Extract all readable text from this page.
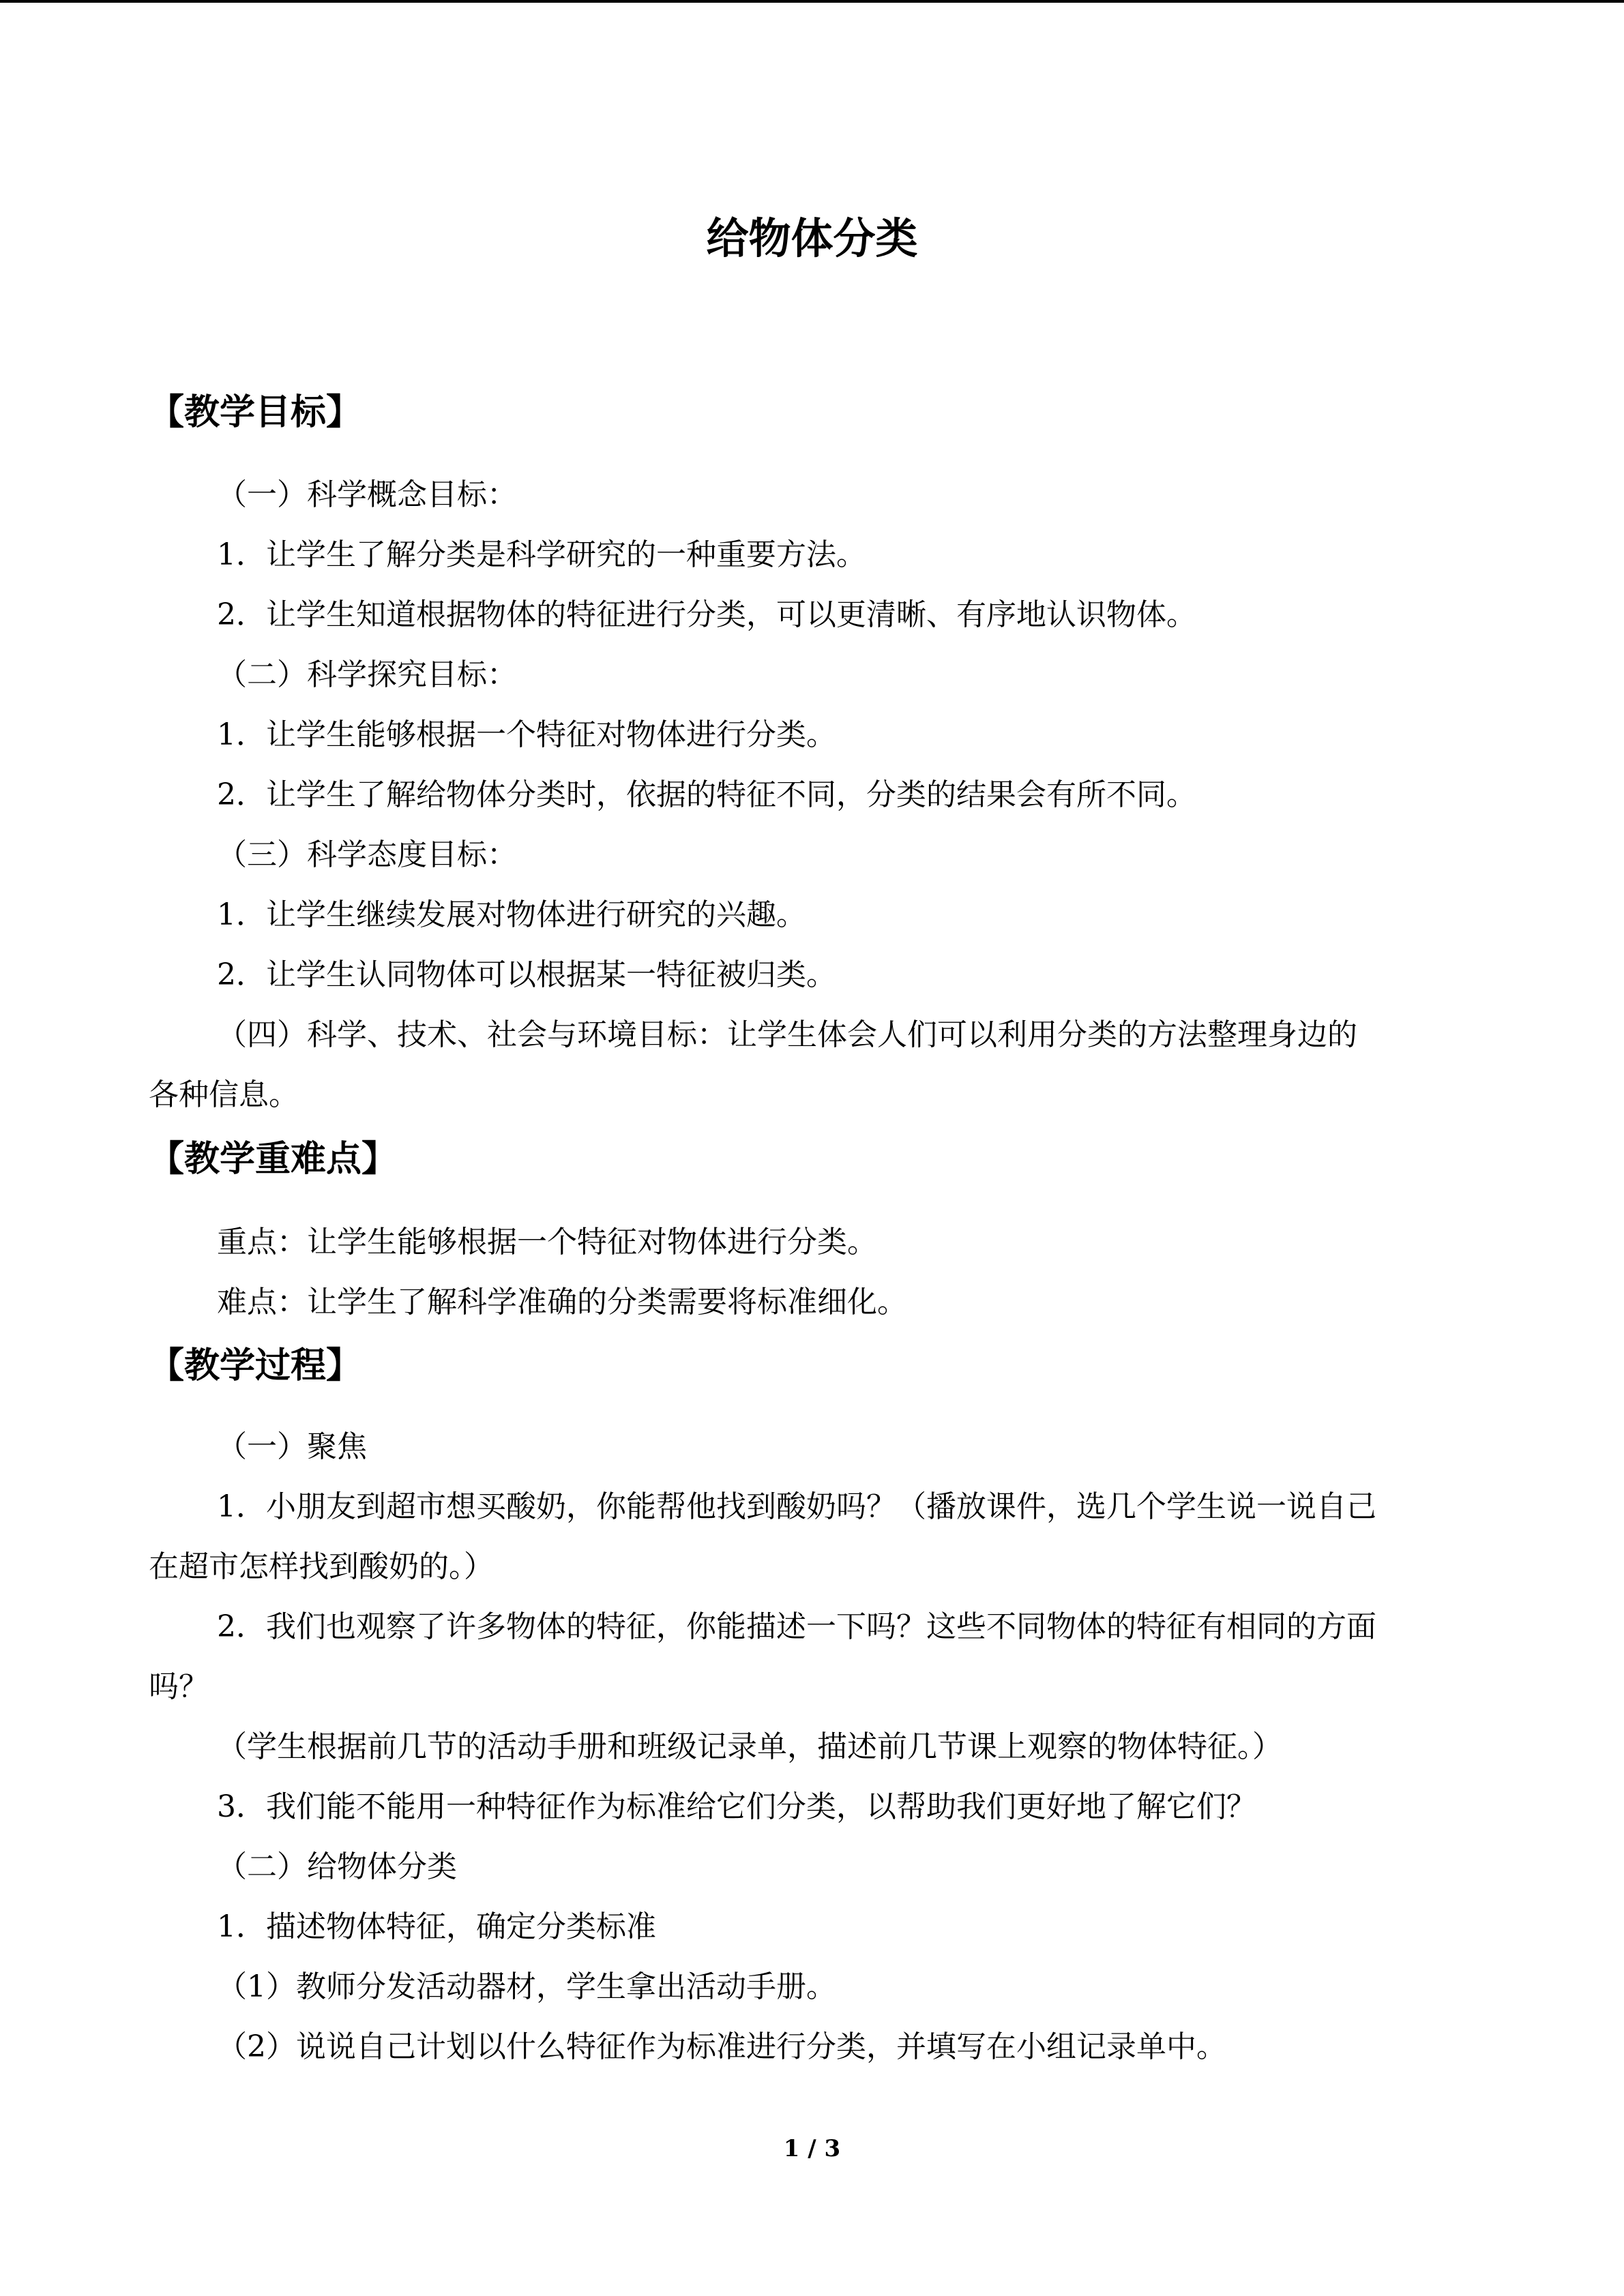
给物体分类
【教学目标】
（一）科学概念目标：
1．让学生了解分类是科学研究的一种重要方法。
2．让学生知道根据物体的特征进行分类，可以更清晰、有序地认识物体。
（二）科学探究目标：
1．让学生能够根据一个特征对物体进行分类。
2．让学生了解给物体分类时，依据的特征不同，分类的结果会有所不同。
（三）科学态度目标：
1．让学生继续发展对物体进行研究的兴趣。
2．让学生认同物体可以根据某一特征被归类。
（四）科学、技术、社会与环境目标：让学生体会人们可以利用分类的方法整理身边的
各种信息。
【教学重难点】
重点：让学生能够根据一个特征对物体进行分类。
难点：让学生了解科学准确的分类需要将标准细化。
【教学过程】
（一）聚焦
1．小朋友到超市想买酸奶，你能帮他找到酸奶吗？（播放课件，选几个学生说一说自己
在超市怎样找到酸奶的。）
2．我们也观察了许多物体的特征，你能描述一下吗？这些不同物体的特征有相同的方面
吗？
（学生根据前几节的活动手册和班级记录单，描述前几节课上观察的物体特征。）
3．我们能不能用一种特征作为标准给它们分类，以帮助我们更好地了解它们？
（二）给物体分类
1．描述物体特征，确定分类标准
（1）教师分发活动器材，学生拿出活动手册。
（2）说说自己计划以什么特征作为标准进行分类，并填写在小组记录单中。
1 / 3
